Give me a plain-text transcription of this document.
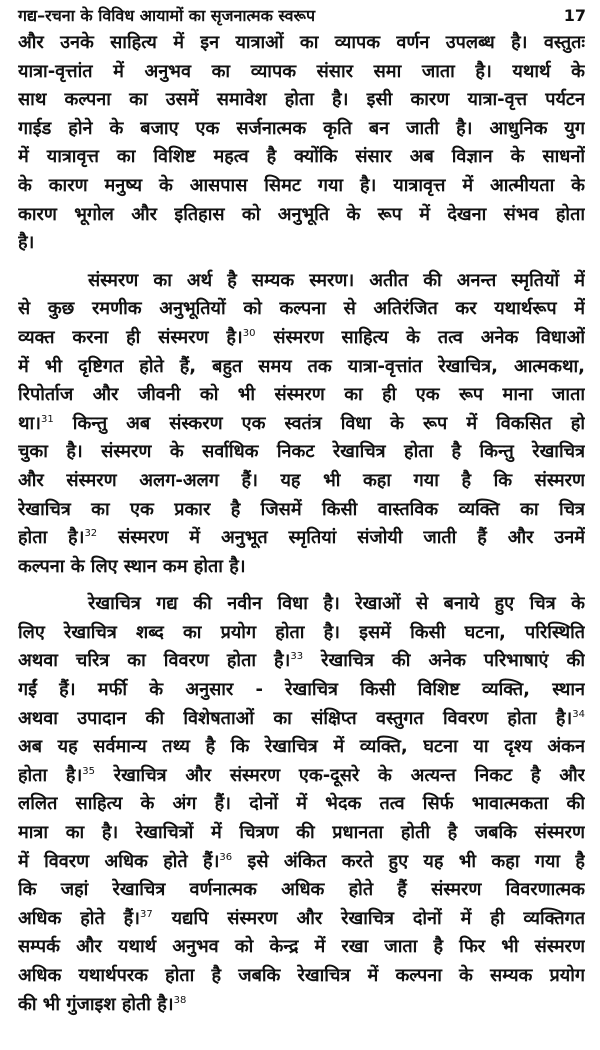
गद्य–रचना के विविध आयामों का सृजनात्मक स्वरूप	17
और उनके साहित्य में इन यात्राओं का व्यापक वर्णन उपलब्ध है। वस्तुतः
यात्रा-वृत्तांत में अनुभव का व्यापक संसार समा जाता है। यथार्थ के
साथ कल्पना का उसमें समावेश होता है। इसी कारण यात्रा-वृत्त पर्यटन
गाईड होने के बजाए एक सर्जनात्मक कृति बन जाती है। आधुनिक युग
में यात्रावृत्त का विशिष्ट महत्व है क्योंकि संसार अब विज्ञान के साधनों
के कारण मनुष्य के आसपास सिमट गया है। यात्रावृत्त में आत्मीयता के
कारण भूगोल और इतिहास को अनुभूति के रूप में देखना संभव होता
है।
संस्मरण का अर्थ है सम्यक स्मरण। अतीत की अनन्त स्मृतियों में
से कुछ रमणीक अनुभूतियों को कल्पना से अतिरंजित कर यथार्थरूप में
व्यक्त करना ही संस्मरण है।$^{30}$ संस्मरण साहित्य के तत्व अनेक विधाओं
में भी दृष्टिगत होते हैं, बहुत समय तक यात्रा-वृत्तांत रेखाचित्र, आत्मकथा,
रिपोर्ताज और जीवनी को भी संस्मरण का ही एक रूप माना जाता
था।$^{31}$ किन्तु अब संस्करण एक स्वतंत्र विधा के रूप में विकसित हो
चुका है। संस्मरण के सर्वाधिक निकट रेखाचित्र होता है किन्तु रेखाचित्र
और संस्मरण अलग-अलग हैं। यह भी कहा गया है कि संस्मरण
रेखाचित्र का एक प्रकार है जिसमें किसी वास्तविक व्यक्ति का चित्र
होता है।$^{32}$ संस्मरण में अनुभूत स्मृतियां संजोयी जाती हैं और उनमें
कल्पना के लिए स्थान कम होता है।
रेखाचित्र गद्य की नवीन विधा है। रेखाओं से बनाये हुए चित्र के
लिए रेखाचित्र शब्द का प्रयोग होता है। इसमें किसी घटना, परिस्थिति
अथवा चरित्र का विवरण होता है।$^{33}$ रेखाचित्र की अनेक परिभाषाएं की
गईं हैं। मर्फी के अनुसार - रेखाचित्र किसी विशिष्ट व्यक्ति, स्थान
अथवा उपादान की विशेषताओं का संक्षिप्त वस्तुगत विवरण होता है।$^{34}$
अब यह सर्वमान्य तथ्य है कि रेखाचित्र में व्यक्ति, घटना या दृश्य अंकन
होता है।$^{35}$ रेखाचित्र और संस्मरण एक-दूसरे के अत्यन्त निकट है और
ललित साहित्य के अंग हैं। दोनों में भेदक तत्व सिर्फ भावात्मकता की
मात्रा का है। रेखाचित्रों में चित्रण की प्रधानता होती है जबकि संस्मरण
में विवरण अधिक होते हैं।$^{36}$ इसे अंकित करते हुए यह भी कहा गया है
कि जहां रेखाचित्र वर्णनात्मक अधिक होते हैं संस्मरण विवरणात्मक
अधिक होते हैं।$^{37}$ यद्यपि संस्मरण और रेखाचित्र दोनों में ही व्यक्तिगत
सम्पर्क और यथार्थ अनुभव को केन्द्र में रखा जाता है फिर भी संस्मरण
अधिक यथार्थपरक होता है जबकि रेखाचित्र में कल्पना के सम्यक प्रयोग
की भी गुंजाइश होती है।$^{38}$
